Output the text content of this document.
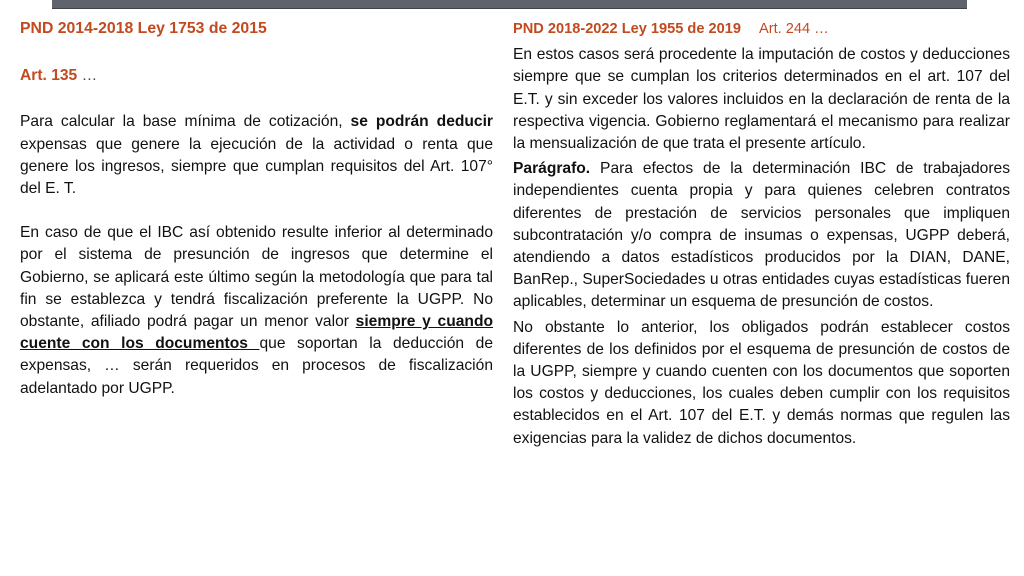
PND 2014-2018 Ley 1753 de 2015

Art. 135 …

Para calcular la base mínima de cotización, se podrán deducir expensas que genere la ejecución de la actividad o renta que genere los ingresos, siempre que cumplan requisitos del Art. 107° del E. T.

En caso de que el IBC así obtenido resulte inferior al determinado por el sistema de presunción de ingresos que determine el Gobierno, se aplicará este último según la metodología que para tal fin se establezca y tendrá fiscalización preferente la UGPP. No obstante, afiliado podrá pagar un menor valor siempre y cuando cuente con los documentos que soportan la deducción de expensas, … serán requeridos en procesos de fiscalización adelantado por UGPP.

PND 2018-2022 Ley 1955 de 2019 Art. 244 …

En estos casos será procedente la imputación de costos y deducciones siempre que se cumplan los criterios determinados en el art. 107 del E.T. y sin exceder los valores incluidos en la declaración de renta de la respectiva vigencia. Gobierno reglamentará el mecanismo para realizar la mensualización de que trata el presente artículo.

Parágrafo. Para efectos de la determinación IBC de trabajadores independientes cuenta propia y para quienes celebren contratos diferentes de prestación de servicios personales que impliquen subcontratación y/o compra de insumas o expensas, UGPP deberá, atendiendo a datos estadísticos producidos por la DIAN, DANE, BanRep., SuperSociedades u otras entidades cuyas estadísticas fueren aplicables, determinar un esquema de presunción de costos.

No obstante lo anterior, los obligados podrán establecer costos diferentes de los definidos por el esquema de presunción de costos de la UGPP, siempre y cuando cuenten con los documentos que soporten los costos y deducciones, los cuales deben cumplir con los requisitos establecidos en el Art. 107 del E.T. y demás normas que regulen las exigencias para la validez de dichos documentos.
